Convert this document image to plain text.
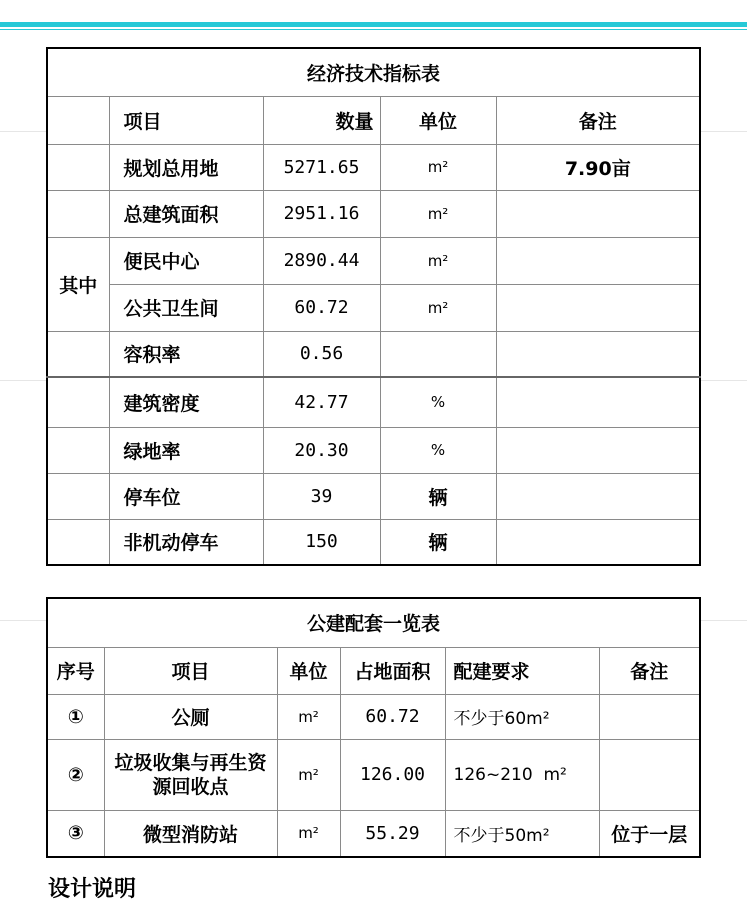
经济技术指标表				
	项目	数量	单位	备注
	规划总用地	5271.65	m²	7.90亩
	总建筑面积	2951.16	m²	
其中	便民中心	2890.44	m²	
	公共卫生间	60.72	m²	
	容积率	0.56		
	建筑密度	42.77	%	
	绿地率	20.30	%	
	停车位	39	辆	
	非机动停车	150	辆	
公建配套一览表					
序号	项目	单位	占地面积	配建要求	备注
①	公厕	m²	60.72	不少于60m²	
②	垃圾收集与再生资源回收点	m²	126.00	126~210  m²	
③	微型消防站	m²	55.29	不少于50m²	位于一层
设计说明
